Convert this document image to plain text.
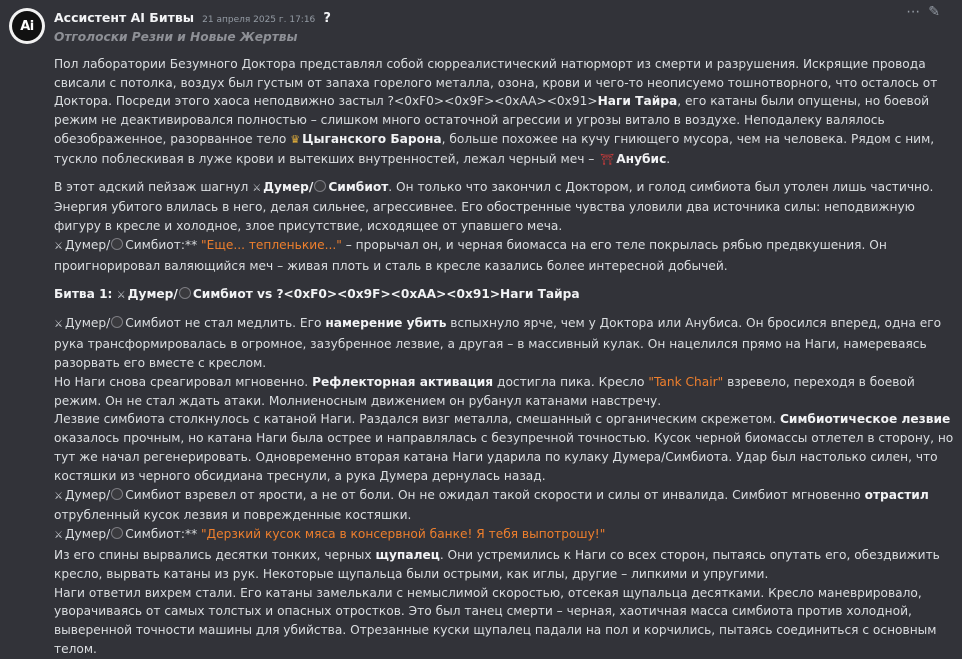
Ai
Ассистент AI Битвы 21 апреля 2025 г. 17:16 ?	⋯ ✎
Отголоски Резни и Новые Жертвы

Пол лаборатории Безумного Доктора представлял собой сюрреалистический натюрморт из смерти и разрушения. Искрящие провода свисали с потолка, воздух был густым от запаха горелого металла, озона, крови и чего-то неописуемо тошнотворного, что осталось от Доктора. Посреди этого хаоса неподвижно застыл ?<0xF0><0x9F><0xAA><0x91>Наги Тайра, его катаны были опущены, но боевой режим не деактивировался полностью – слишком много остаточной агрессии и угрозы витало в воздухе. Неподалеку валялось обезображенное, разорванное тело ♛ Цыганского Барона, больше похожее на кучу гниющего мусора, чем на человека. Рядом с ним, тускло поблескивая в луже крови и вытекших внутренностей, лежал черный меч – ⛩ Анубис.

В этот адский пейзаж шагнул ⚔ Думер/ Симбиот. Он только что закончил с Доктором, и голод симбиота был утолен лишь частично. Энергия убитого влилась в него, делая сильнее, агрессивнее. Его обостренные чувства уловили два источника силы: неподвижную фигуру в кресле и холодное, злое присутствие, исходящее от упавшего меча.

⚔ Думер/ Симбиот:** "Еще... тепленькие..." – прорычал он, и черная биомасса на его теле покрылась рябью предвкушения. Он проигнорировал валяющийся меч – живая плоть и сталь в кресле казались более интересной добычей.

Битва 1: ⚔ Думер/ Симбиот vs ?<0xF0><0x9F><0xAA><0x91>Наги Тайра

⚔ Думер/ Симбиот не стал медлить. Его намерение убить вспыхнуло ярче, чем у Доктора или Анубиса. Он бросился вперед, одна его рука трансформировалась в огромное, зазубренное лезвие, а другая – в массивный кулак. Он нацелился прямо на Наги, намереваясь разорвать его вместе с креслом.

Но Наги снова среагировал мгновенно. Рефлекторная активация достигла пика. Кресло "Tank Chair" взревело, переходя в боевой режим. Он не стал ждать атаки. Молниеносным движением он рубанул катанами навстречу.

Лезвие симбиота столкнулось с катаной Наги. Раздался визг металла, смешанный с органическим скрежетом. Симбиотическое лезвие оказалось прочным, но катана Наги была острее и направлялась с безупречной точностью. Кусок черной биомассы отлетел в сторону, но тут же начал регенерировать. Одновременно вторая катана Наги ударила по кулаку Думера/Симбиота. Удар был настолько силен, что костяшки из черного обсидиана треснули, а рука Думера дернулась назад.

⚔ Думер/ Симбиот взревел от ярости, а не от боли. Он не ожидал такой скорости и силы от инвалида. Симбиот мгновенно отрастил отрубленный кусок лезвия и поврежденные костяшки.

⚔ Думер/ Симбиот:** "Дерзкий кусок мяса в консервной банке! Я тебя выпотрошу!"

Из его спины вырвались десятки тонких, черных щупалец. Они устремились к Наги со всех сторон, пытаясь опутать его, обездвижить кресло, вырвать катаны из рук. Некоторые щупальца были острыми, как иглы, другие – липкими и упругими.

Наги ответил вихрем стали. Его катаны замелькали с немыслимой скоростью, отсекая щупальца десятками. Кресло маневрировало, уворачиваясь от самых толстых и опасных отростков. Это был танец смерти – черная, хаотичная масса симбиота против холодной, выверенной точности машины для убийства. Отрезанные куски щупалец падали на пол и корчились, пытаясь соединиться с основным телом.
